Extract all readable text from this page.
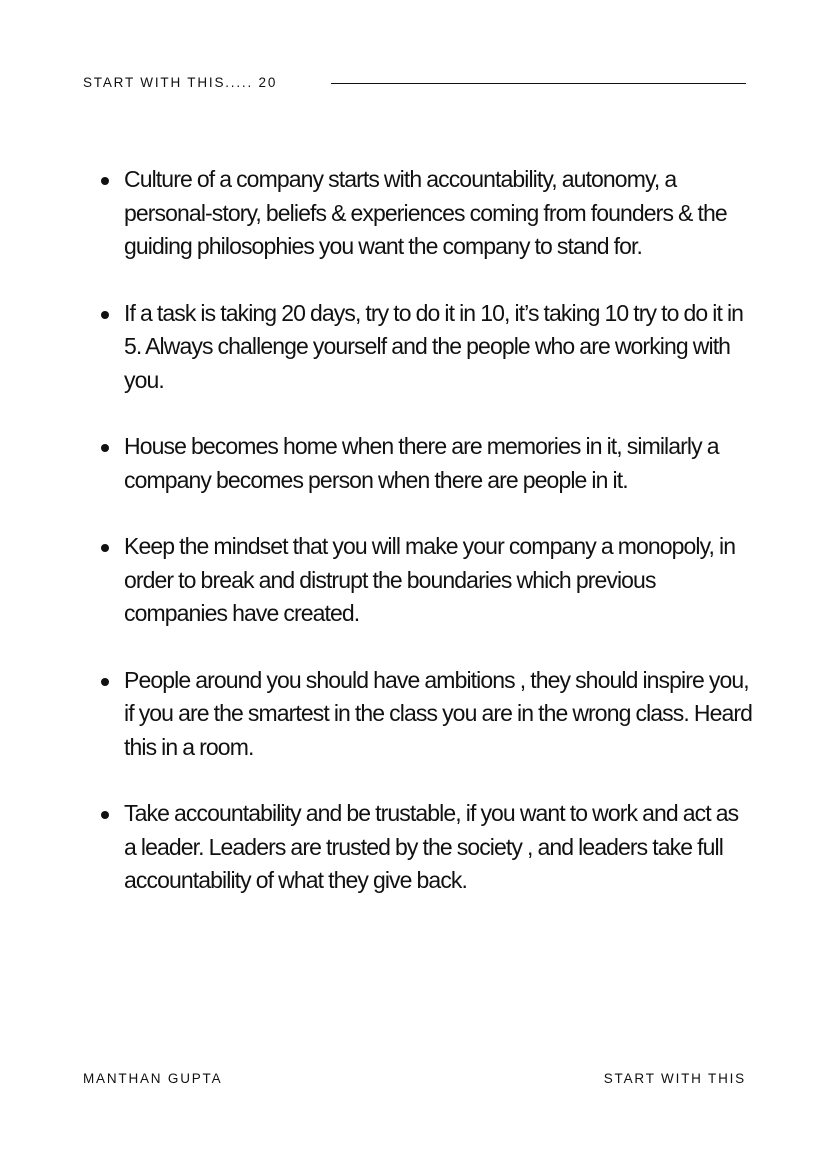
START WITH THIS..... 20
Culture of a company starts with accountability, autonomy, a personal-story, beliefs & experiences coming from founders & the guiding philosophies you want the company to stand for.
If a task is taking 20 days, try to do it in 10, it’s taking 10 try to do it in 5. Always challenge yourself and the people who are working with you.
House becomes home when there are memories in it, similarly a company becomes person when there are people in it.
Keep the mindset that you will make your company a monopoly, in order to break and distrupt the boundaries which previous companies have created.
People around you should have ambitions , they should inspire you, if you are the smartest in the class you are in the wrong class. Heard this in a room.
Take accountability and be trustable, if you want to work and act as a leader. Leaders are trusted by the society , and leaders take full accountability of what they give back.
MANTHAN GUPTA	START WITH THIS
